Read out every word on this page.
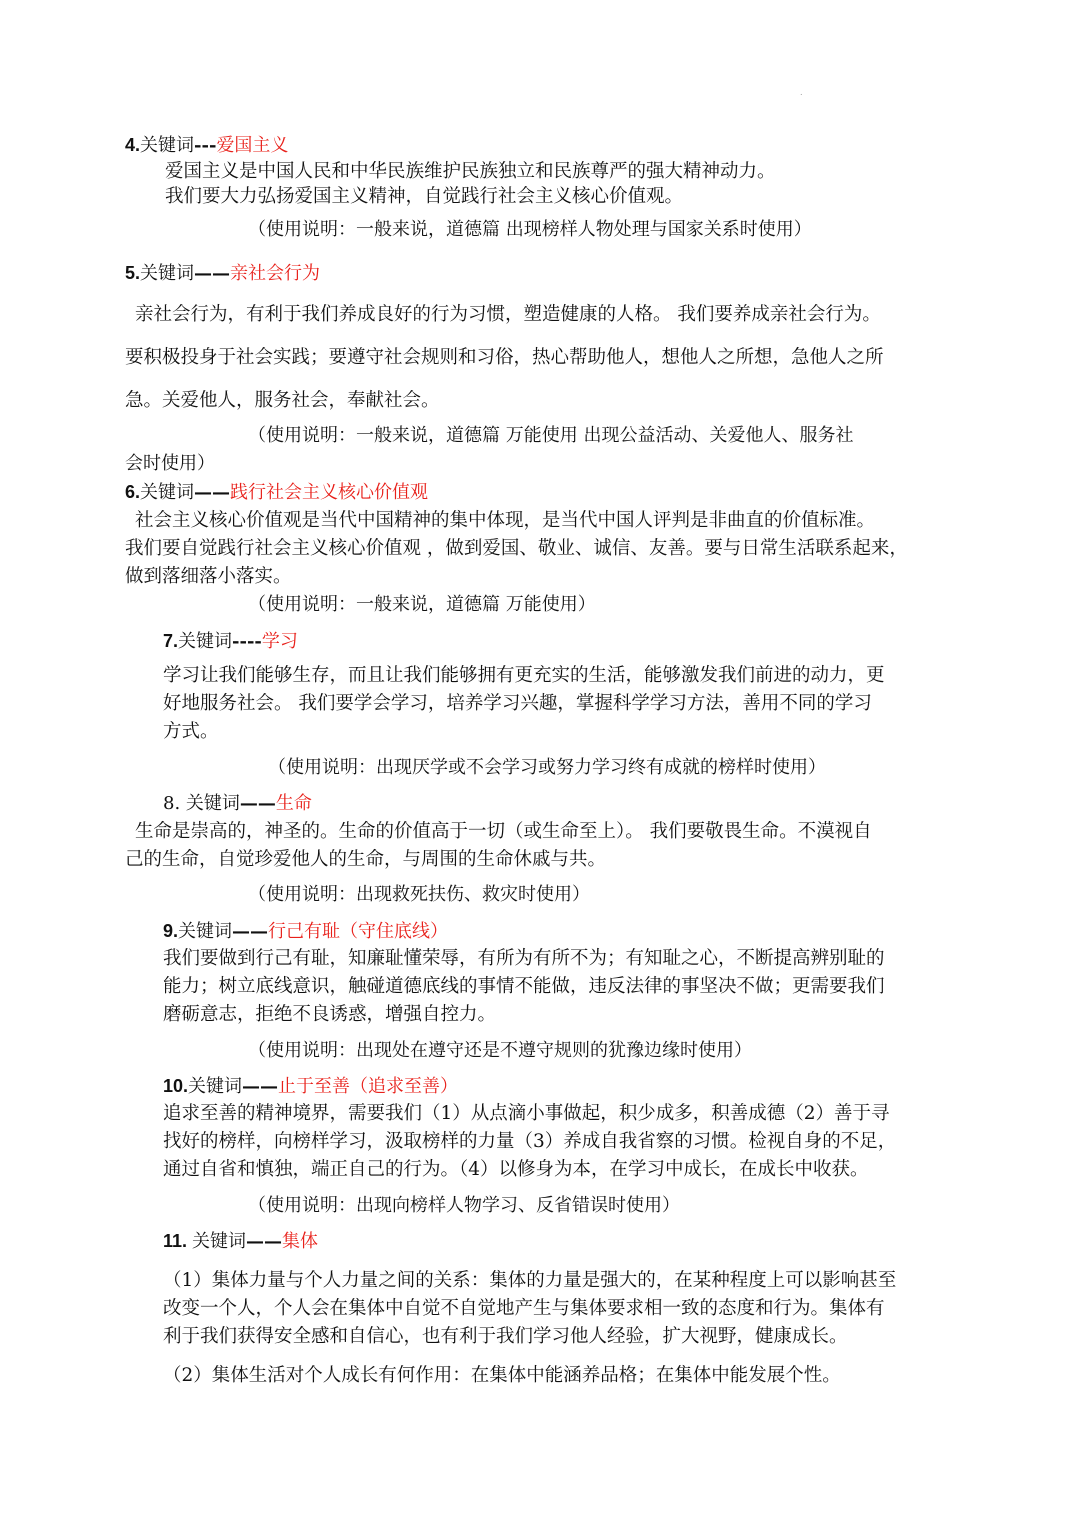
.
4.关键词---爱国主义
爱国主义是中国人民和中华民族维护民族独立和民族尊严的强大精神动力。
我们要大力弘扬爱国主义精神，自觉践行社会主义核心价值观。
（使用说明：一般来说，道德篇 出现榜样人物处理与国家关系时使用）
5.关键词——亲社会行为
亲社会行为，有利于我们养成良好的行为习惯，塑造健康的人格。 我们要养成亲社会行为。
要积极投身于社会实践；要遵守社会规则和习俗，热心帮助他人，想他人之所想，急他人之所
急。关爱他人，服务社会，奉献社会。
（使用说明：一般来说，道德篇 万能使用 出现公益活动、关爱他人、服务社
会时使用）
6.关键词——践行社会主义核心价值观
社会主义核心价值观是当代中国精神的集中体现，是当代中国人评判是非曲直的价值标准。
我们要自觉践行社会主义核心价值观 ，做到爱国、敬业、诚信、友善。要与日常生活联系起来，
做到落细落小落实。
（使用说明：一般来说，道德篇 万能使用）
7.关键词----学习
学习让我们能够生存，而且让我们能够拥有更充实的生活，能够激发我们前进的动力，更
好地服务社会。 我们要学会学习，培养学习兴趣，掌握科学学习方法，善用不同的学习
方式。
（使用说明：出现厌学或不会学习或努力学习终有成就的榜样时使用）
8. 关键词——生命
生命是崇高的，神圣的。生命的价值高于一切（或生命至上）。 我们要敬畏生命。不漠视自
己的生命，自觉珍爱他人的生命，与周围的生命休戚与共。
（使用说明：出现救死扶伤、救灾时使用）
9.关键词——行己有耻（守住底线）
我们要做到行己有耻，知廉耻懂荣辱，有所为有所不为；有知耻之心，不断提高辨别耻的
能力；树立底线意识，触碰道德底线的事情不能做，违反法律的事坚决不做；更需要我们
磨砺意志，拒绝不良诱惑，增强自控力。
（使用说明：出现处在遵守还是不遵守规则的犹豫边缘时使用）
10.关键词——止于至善（追求至善）
追求至善的精神境界，需要我们（1）从点滴小事做起，积少成多，积善成德（2）善于寻
找好的榜样，向榜样学习，汲取榜样的力量（3）养成自我省察的习惯。检视自身的不足，
通过自省和慎独，端正自己的行为。（4）以修身为本，在学习中成长，在成长中收获。
（使用说明：出现向榜样人物学习、反省错误时使用）
11. 关键词——集体
（1）集体力量与个人力量之间的关系：集体的力量是强大的，在某种程度上可以影响甚至
改变一个人，个人会在集体中自觉不自觉地产生与集体要求相一致的态度和行为。集体有
利于我们获得安全感和自信心，也有利于我们学习他人经验，扩大视野，健康成长。
（2）集体生活对个人成长有何作用：在集体中能涵养品格；在集体中能发展个性。
